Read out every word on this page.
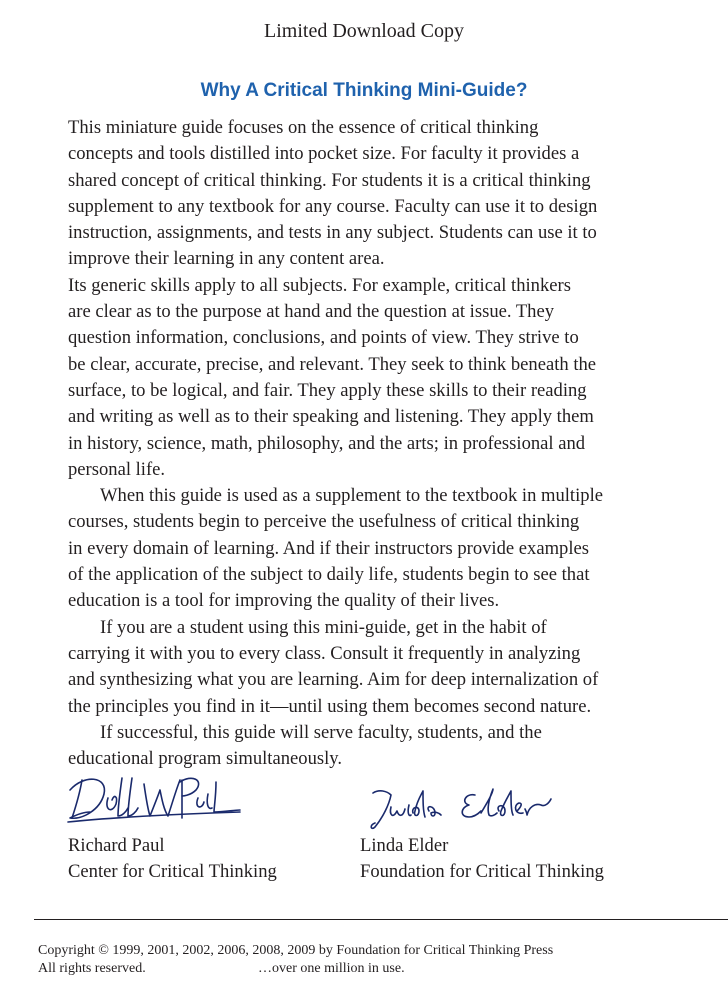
Limited Download Copy
Why A Critical Thinking Mini-Guide?
This miniature guide focuses on the essence of critical thinking
concepts and tools distilled into pocket size. For faculty it provides a
shared concept of critical thinking. For students it is a critical thinking
supplement to any textbook for any course. Faculty can use it to design
instruction, assignments, and tests in any subject. Students can use it to
improve their learning in any content area.
Its generic skills apply to all subjects. For example, critical thinkers
are clear as to the purpose at hand and the question at issue. They
question information, conclusions, and points of view. They strive to
be clear, accurate, precise, and relevant. They seek to think beneath the
surface, to be logical, and fair. They apply these skills to their reading
and writing as well as to their speaking and listening. They apply them
in history, science, math, philosophy, and the arts; in professional and
personal life.
When this guide is used as a supplement to the textbook in multiple
courses, students begin to perceive the usefulness of critical thinking
in every domain of learning. And if their instructors provide examples
of the application of the subject to daily life, students begin to see that
education is a tool for improving the quality of their lives.
If you are a student using this mini-guide, get in the habit of
carrying it with you to every class. Consult it frequently in analyzing
and synthesizing what you are learning. Aim for deep internalization of
the principles you find in it—until using them becomes second nature.
If successful, this guide will serve faculty, students, and the
educational program simultaneously.
Richard Paul
Center for Critical Thinking
Linda Elder
Foundation for Critical Thinking
Copyright © 1999, 2001, 2002, 2006, 2008, 2009 by Foundation for Critical Thinking Press
All rights reserved.	…over one million in use.
